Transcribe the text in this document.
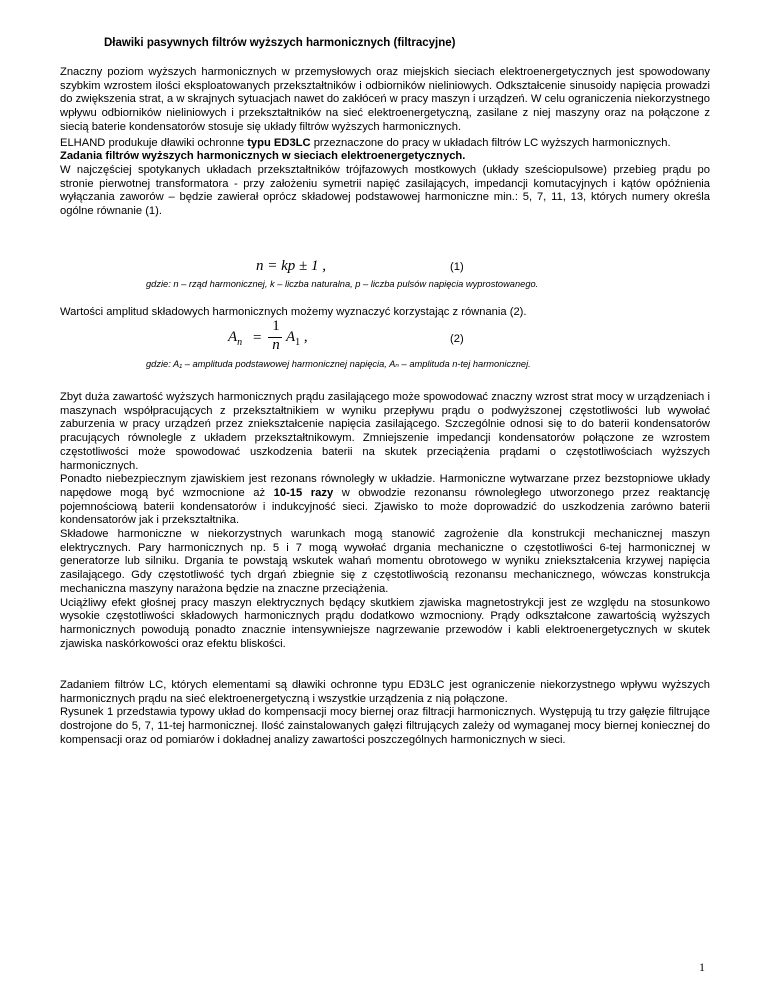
Dławiki pasywnych filtrów wyższych harmonicznych (filtracyjne)

Znaczny poziom wyższych harmonicznych w przemysłowych oraz miejskich sieciach elektroenergetycznych jest spowodowany szybkim wzrostem ilości eksploatowanych przekształtników i odbiorników nieliniowych. Odkształcenie sinusoidy napięcia prowadzi do zwiększenia strat, a w skrajnych sytuacjach nawet do zakłóceń w pracy maszyn i urządzeń. W celu ograniczenia niekorzystnego wpływu odbiorników nieliniowych i przekształtników na sieć elektroenergetyczną, zasilane z niej maszyny oraz na połączone z siecią baterie kondensatorów stosuje się układy filtrów wyższych harmonicznych.

ELHAND produkuje dławiki ochronne typu ED3LC przeznaczone do pracy w układach filtrów LC wyższych harmonicznych.

Zadania filtrów wyższych harmonicznych w sieciach elektroenergetycznych.

W najczęściej spotykanych układach przekształtników trójfazowych mostkowych (układy sześciopulsowe) przebieg prądu po stronie pierwotnej transformatora - przy założeniu symetrii napięć zasilających, impedancji komutacyjnych i kątów opóźnienia wyłączania zaworów – będzie zawierał oprócz składowej podstawowej harmoniczne min.: 5, 7, 11, 13, których numery określa ogólne równanie (1).

n = kp ± 1 ,	(1)
gdzie: n – rząd harmonicznej, k – liczba naturalna, p – liczba pulsów napięcia wyprostowanego.

Wartości amplitud składowych harmonicznych możemy wyznaczyć korzystając z równania (2).

$A_n$ =
1
n $A_1$ ,	(2)
gdzie: A₁ – amplituda podstawowej harmonicznej napięcia, Aₙ – amplituda n-tej harmonicznej.

Zbyt duża zawartość wyższych harmonicznych prądu zasilającego może spowodować znaczny wzrost strat mocy w urządzeniach i maszynach współpracujących z przekształtnikiem w wyniku przepływu prądu o podwyższonej częstotliwości lub wywołać zaburzenia w pracy urządzeń przez zniekształcenie napięcia zasilającego. Szczególnie odnosi się to do baterii kondensatorów pracujących równolegle z układem przekształtnikowym. Zmniejszenie impedancji kondensatorów połączone ze wzrostem częstotliwości może spowodować uszkodzenia baterii na skutek przeciążenia prądami o częstotliwościach wyższych harmonicznych.

Ponadto niebezpiecznym zjawiskiem jest rezonans równoległy w układzie. Harmoniczne wytwarzane przez bezstopniowe układy napędowe mogą być wzmocnione aż 10-15 razy w obwodzie rezonansu równoległego utworzonego przez reaktancję pojemnościową baterii kondensatorów i indukcyjność sieci. Zjawisko to może doprowadzić do uszkodzenia zarówno baterii kondensatorów jak i przekształtnika.

Składowe harmoniczne w niekorzystnych warunkach mogą stanowić zagrożenie dla konstrukcji mechanicznej maszyn elektrycznych. Pary harmonicznych np. 5 i 7 mogą wywołać drgania mechaniczne o częstotliwości 6-tej harmonicznej w generatorze lub silniku. Drgania te powstają wskutek wahań momentu obrotowego w wyniku zniekształcenia krzywej napięcia zasilającego. Gdy częstotliwość tych drgań zbiegnie się z częstotliwością rezonansu mechanicznego, wówczas konstrukcja mechaniczna maszyny narażona będzie na znaczne przeciążenia.

Uciążliwy efekt głośnej pracy maszyn elektrycznych będący skutkiem zjawiska magnetostrykcji jest ze względu na stosunkowo wysokie częstotliwości składowych harmonicznych prądu dodatkowo wzmocniony. Prądy odkształcone zawartością wyższych harmonicznych powodują ponadto znacznie intensywniejsze nagrzewanie przewodów i kabli elektroenergetycznych w skutek zjawiska naskórkowości oraz efektu bliskości.

Zadaniem filtrów LC, których elementami są dławiki ochronne typu ED3LC jest ograniczenie niekorzystnego wpływu wyższych harmonicznych prądu na sieć elektroenergetyczną i wszystkie urządzenia z nią połączone.

Rysunek 1 przedstawia typowy układ do kompensacji mocy biernej oraz filtracji harmonicznych. Występują tu trzy gałęzie filtrujące dostrojone do 5, 7, 11-tej harmonicznej. Ilość zainstalowanych gałęzi filtrujących zależy od wymaganej mocy biernej koniecznej do kompensacji oraz od pomiarów i dokładnej analizy zawartości poszczególnych harmonicznych w sieci.

1
